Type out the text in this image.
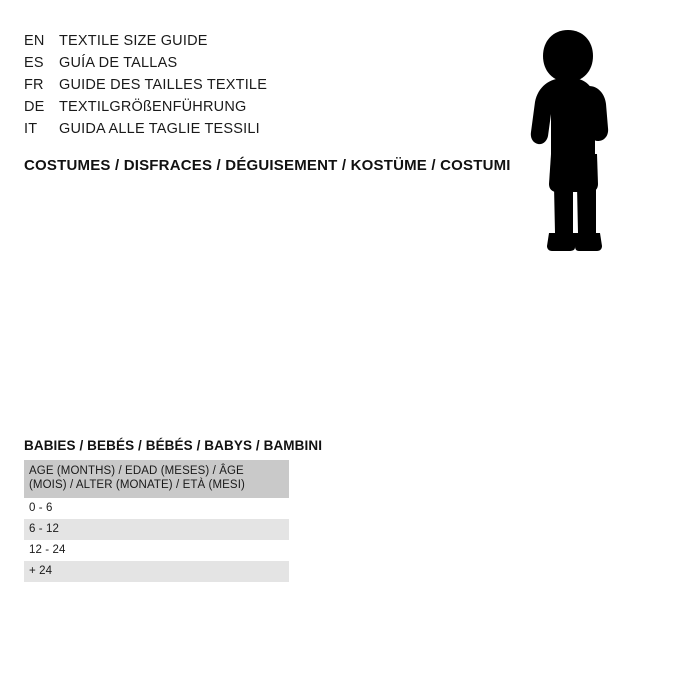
EN TEXTILE SIZE GUIDE
ES	GUÍA DE TALLAS
FR	GUIDE DES TAILLES TEXTILE
DE TEXTILGRÖßENFÜHRUNG
IT	GUIDA ALLE TAGLIE TESSILI
COSTUMES / DISFRACES / DÉGUISEMENT / KOSTÜME / COSTUMI
BABIES / BEBÉS / BÉBÉS / BABYS / BAMBINI
AGE (MONTHS) / EDAD (MESES) / ÂGE (MOIS) / ALTER (MONATE) / ETÀ (MESI)
0 - 6
6 - 12
12 - 24
+ 24
